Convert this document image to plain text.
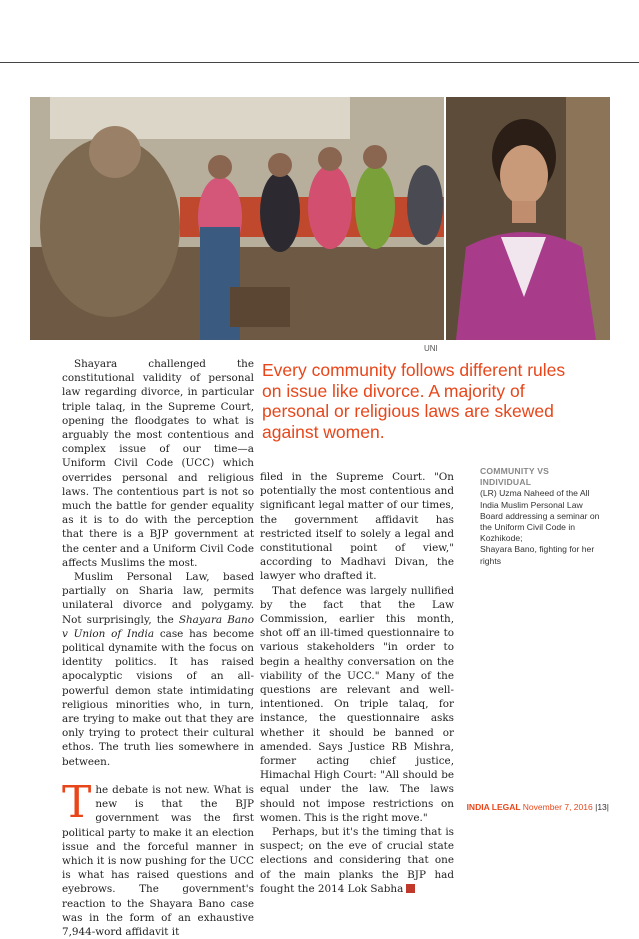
UNI
Every community follows different rules on issue like divorce. A majority of personal or religious laws are skewed against women.
COMMUNITY VS INDIVIDUAL
(LR) Uzma Naheed of the All India Muslim Personal Law Board addressing a seminar on the Uniform Civil Code in Kozhikode;
Shayara Bano, fighting for her rights

Shayara challenged the constitutional validity of personal law regarding divorce, in particular triple talaq, in the Supreme Court, opening the floodgates to what is arguably the most contentious and complex issue of our time—a Uniform Civil Code (UCC) which overrides personal and religious laws. The contentious part is not so much the battle for gender equality as it is to do with the perception that there is a BJP government at the center and a Uniform Civil Code affects Muslims the most.

Muslim Personal Law, based partially on Sharia law, permits unilateral divorce and polygamy. Not surprisingly, the Shayara Bano v Union of India case has become political dynamite with the focus on identity politics. It has raised apocalyptic visions of an all-powerful demon state intimidating religious minorities who, in turn, are trying to make out that they are only trying to protect their cultural ethos. The truth lies somewhere in between.

The debate is not new. What is new is that the BJP government was the first political party to make it an election issue and the forceful manner in which it is now pushing for the UCC is what has raised questions and eyebrows. The government's reaction to the Shayara Bano case was in the form of an exhaustive 7,944-word affidavit it

filed in the Supreme Court. "On potentially the most contentious and significant legal matter of our times, the government affidavit has restricted itself to solely a legal and constitutional point of view," according to Madhavi Divan, the lawyer who drafted it.

That defence was largely nullified by the fact that the Law Commission, earlier this month, shot off an ill-timed questionnaire to various stakeholders "in order to begin a healthy conversation on the viability of the UCC." Many of the questions are relevant and well-intentioned. On triple talaq, for instance, the questionnaire asks whether it should be banned or amended. Says Justice RB Mishra, former acting chief justice, Himachal High Court: "All should be equal under the law. The laws should not impose restrictions on women. This is the right move."

Perhaps, but it's the timing that is suspect; on the eve of crucial state elections and considering that one of the main planks the BJP had fought the 2014 Lok Sabha

INDIA LEGAL November 7, 2016 |13|
